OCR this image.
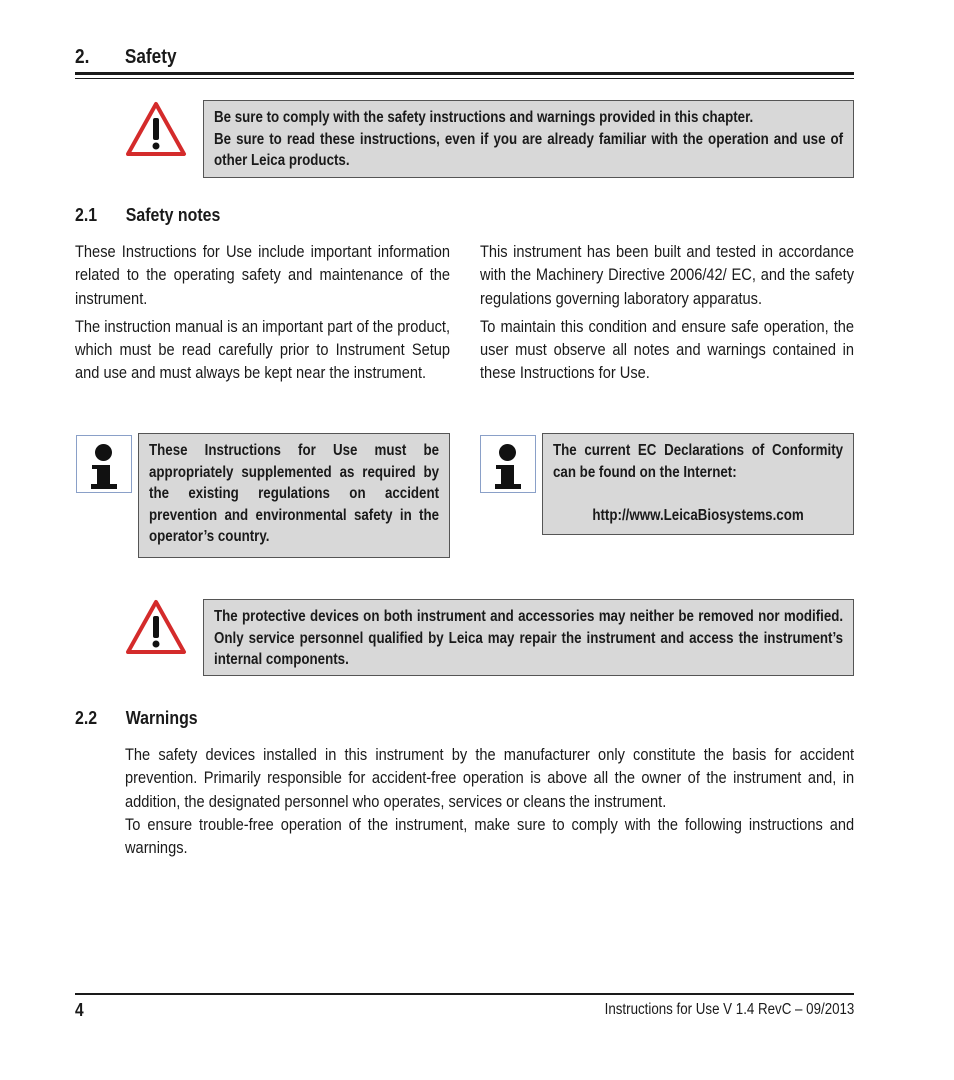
2. Safety

Be sure to comply with the safety instructions and warnings provided in this chapter.

Be sure to read these instructions, even if you are already familiar with the operation and use of other Leica products.

2.1 Safety notes

These Instructions for Use include important information related to the operating safety and maintenance of the instrument.

The instruction manual is an important part of the product, which must be read carefully prior to Instrument Setup and use and must always be kept near the instrument.

This instrument has been built and tested in accordance with the Machinery Directive 2006/42/ EC, and the safety regulations governing laboratory apparatus.

To maintain this condition and ensure safe operation, the user must observe all notes and warnings contained in these Instructions for Use.

These Instructions for Use must be appropriately supplemented as required by the existing regulations on accident prevention and environmental safety in the operator’s country.

The current EC Declarations of Conformity can be found on the Internet:

http://www.LeicaBiosystems.com

The protective devices on both instrument and accessories may neither be removed nor modified. Only service personnel qualified by Leica may repair the instrument and access the instrument’s internal components.

2.2 Warnings

The safety devices installed in this instrument by the manufacturer only constitute the basis for accident prevention. Primarily responsible for accident-free operation is above all the owner of the instrument and, in addition, the designated personnel who operates, services or cleans the instrument.

To ensure trouble-free operation of the instrument, make sure to comply with the following instructions and warnings.

4	Instructions for Use V 1.4 RevC – 09/2013
